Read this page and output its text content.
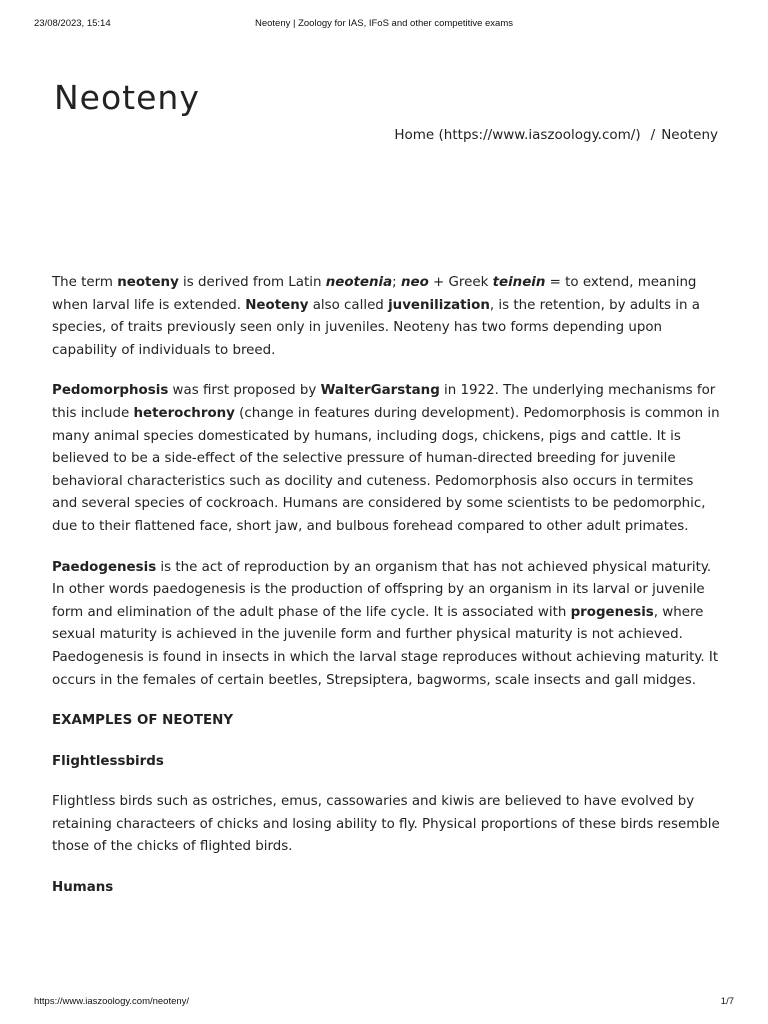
23/08/2023, 15:14	Neoteny | Zoology for IAS, IFoS and other competitive exams
Neoteny
Home (https://www.iaszoology.com/) / Neoteny

The term neoteny is derived from Latin neotenia; neo + Greek teinein = to extend, meaning when larval life is extended. Neoteny also called juvenilization, is the retention, by adults in a species, of traits previously seen only in juveniles. Neoteny has two forms depending upon capability of individuals to breed.

Pedomorphosis was first proposed by WalterGarstang in 1922. The underlying mechanisms for this include heterochrony (change in features during development). Pedomorphosis is common in many animal species domesticated by humans, including dogs, chickens, pigs and cattle. It is believed to be a side-effect of the selective pressure of human-directed breeding for juvenile behavioral characteristics such as docility and cuteness. Pedomorphosis also occurs in termites and several species of cockroach. Humans are considered by some scientists to be pedomorphic, due to their flattened face, short jaw, and bulbous forehead compared to other adult primates.

Paedogenesis is the act of reproduction by an organism that has not achieved physical maturity. In other words paedogenesis is the production of offspring by an organism in its larval or juvenile form and elimination of the adult phase of the life cycle. It is associated with progenesis, where sexual maturity is achieved in the juvenile form and further physical maturity is not achieved. Paedogenesis is found in insects in which the larval stage reproduces without achieving maturity. It occurs in the females of certain beetles, Strepsiptera, bagworms, scale insects and gall midges.

EXAMPLES OF NEOTENY
Flightlessbirds

Flightless birds such as ostriches, emus, cassowaries and kiwis are believed to have evolved by retaining characteers of chicks and losing ability to fly. Physical proportions of these birds resemble those of the chicks of flighted birds.

Humans
https://www.iaszoology.com/neoteny/	1/7
